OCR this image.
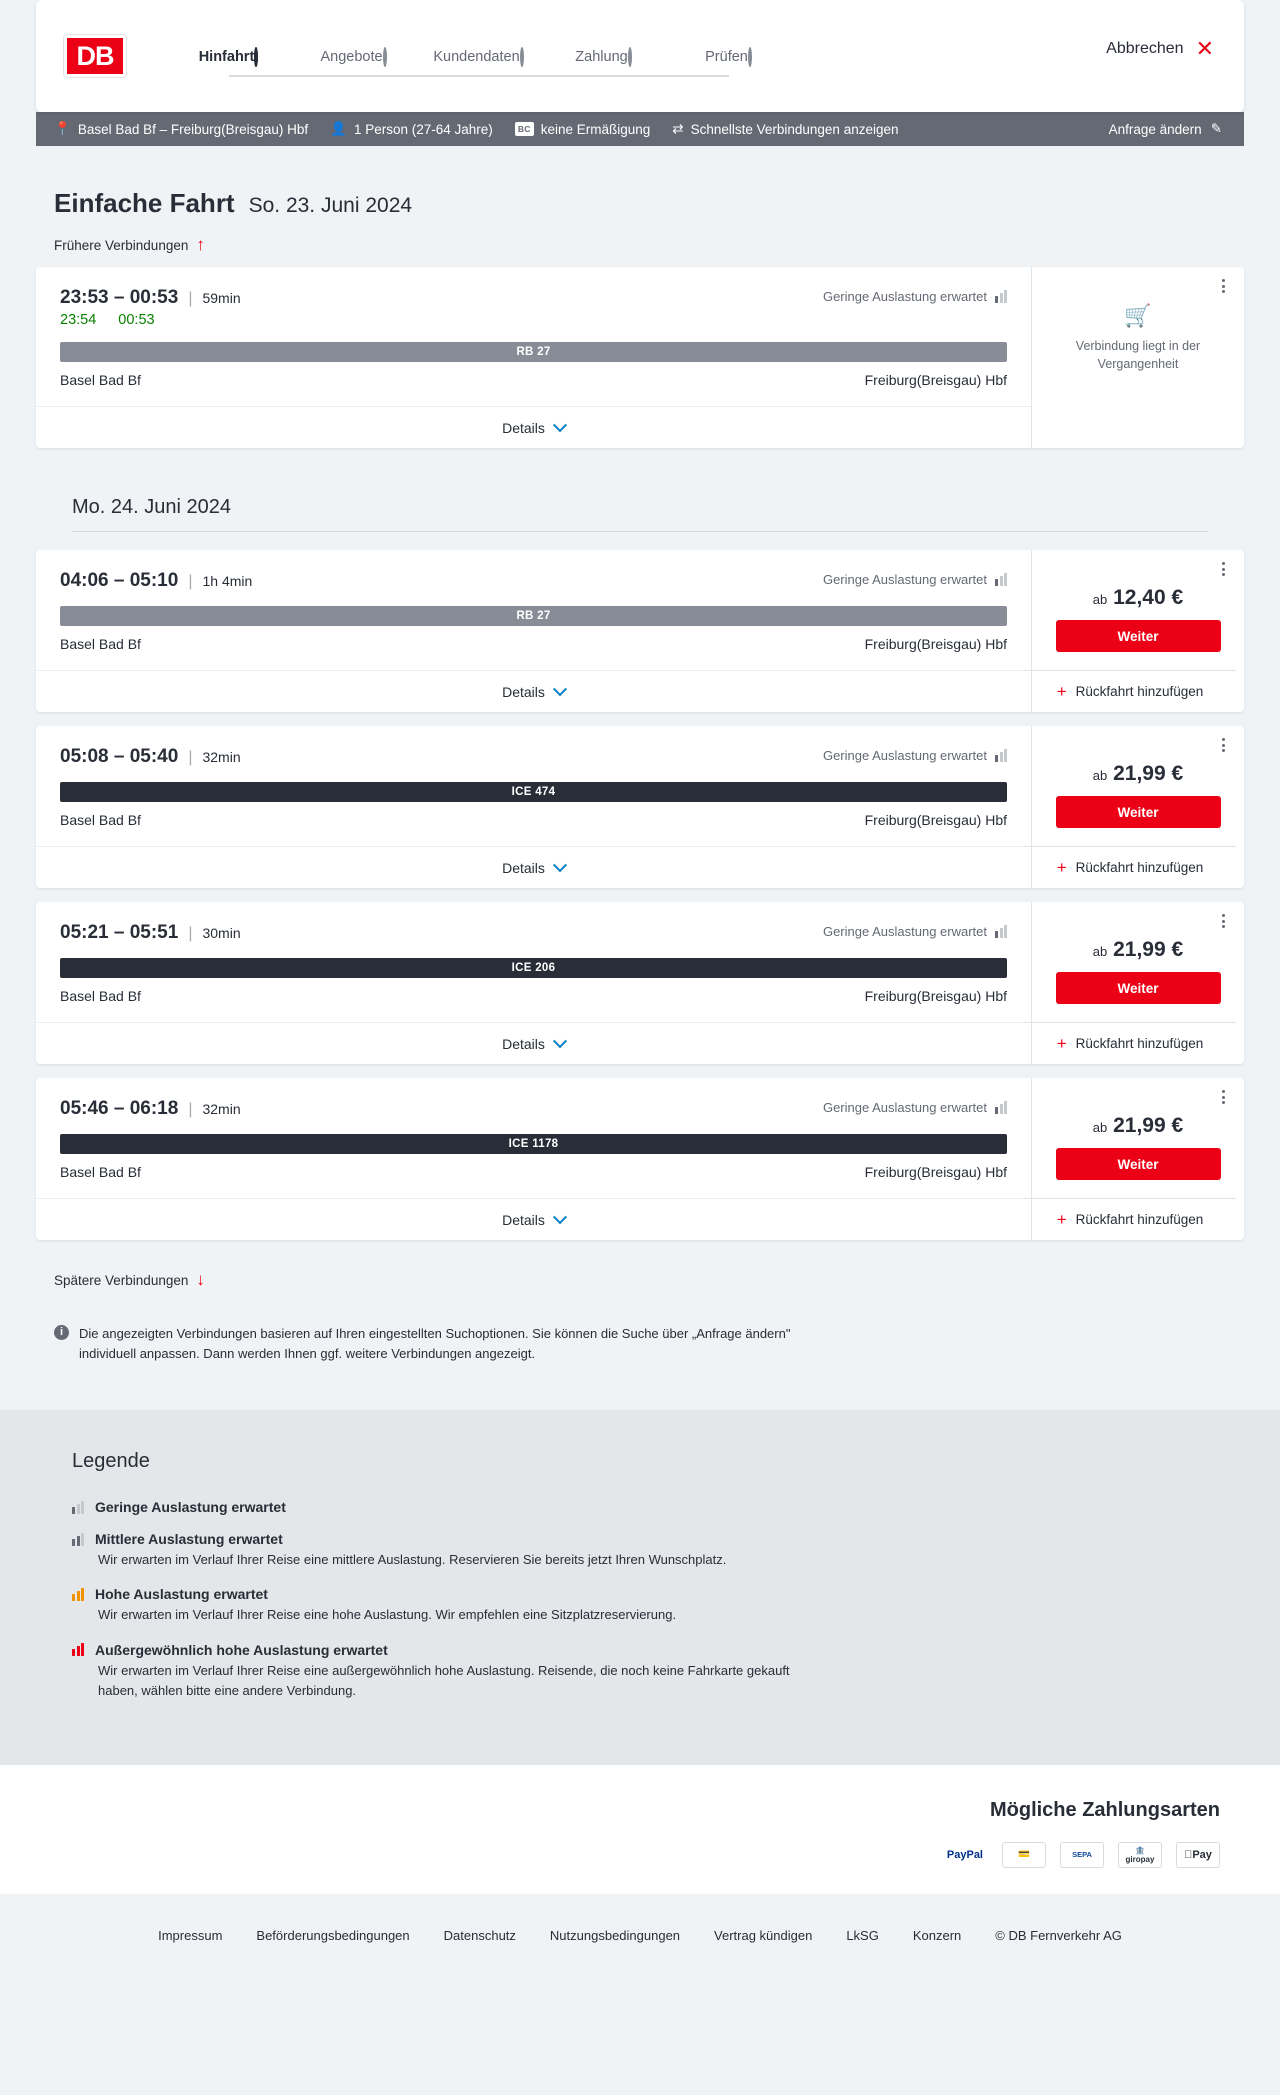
DB	Hinfahrt	Angebote	Kundendaten	Zahlung	Prüfen	Abbrechen ✕
📍 Basel Bad Bf – Freiburg(Breisgau) Hbf 👤 1 Person (27-64 Jahre)	BC keine Ermäßigung ⇄ Schnellste Verbindungen anzeigen	Anfrage ändern ✎
Einfache Fahrt So. 23. Juni 2024
Frühere Verbindungen ↑
23:53 – 00:53 | 59min
23:54 00:53
Geringe Auslastung erwartet
RB 27
Basel Bad Bf	Freiburg(Breisgau) Hbf
Details
🛒
Verbindung liegt in der Vergangenheit
Mo. 24. Juni 2024
04:06 – 05:10 | 1h 4min	Geringe Auslastung erwartet
RB 27
Basel Bad Bf	Freiburg(Breisgau) Hbf
Details
ab 12,40 €
Weiter
+ Rückfahrt hinzufügen
05:08 – 05:40 | 32min	Geringe Auslastung erwartet
ICE 474
Basel Bad Bf	Freiburg(Breisgau) Hbf
Details
ab 21,99 €
Weiter
+ Rückfahrt hinzufügen
05:21 – 05:51 | 30min	Geringe Auslastung erwartet
ICE 206
Basel Bad Bf	Freiburg(Breisgau) Hbf
Details
ab 21,99 €
Weiter
+ Rückfahrt hinzufügen
05:46 – 06:18 | 32min	Geringe Auslastung erwartet
ICE 1178
Basel Bad Bf	Freiburg(Breisgau) Hbf
Details
ab 21,99 €
Weiter
+ Rückfahrt hinzufügen
Spätere Verbindungen ↓
i	Die angezeigten Verbindungen basieren auf Ihren eingestellten Suchoptionen. Sie können die Suche über „Anfrage ändern" individuell anpassen. Dann werden Ihnen ggf. weitere Verbindungen angezeigt.
Legende
Geringe Auslastung erwartet
Mittlere Auslastung erwartet
Wir erwarten im Verlauf Ihrer Reise eine mittlere Auslastung. Reservieren Sie bereits jetzt Ihren Wunschplatz.
Hohe Auslastung erwartet
Wir erwarten im Verlauf Ihrer Reise eine hohe Auslastung. Wir empfehlen eine Sitzplatzreservierung.
Außergewöhnlich hohe Auslastung erwartet
Wir erwarten im Verlauf Ihrer Reise eine außergewöhnlich hohe Auslastung. Reisende, die noch keine Fahrkarte gekauft haben, wählen bitte eine andere Verbindung.
Mögliche Zahlungsarten
PayPal	💳	SEPA	🏦
giropay	Pay
Impressum	Beförderungsbedingungen	Datenschutz	Nutzungsbedingungen	Vertrag kündigen	LkSG	Konzern	© DB Fernverkehr AG
